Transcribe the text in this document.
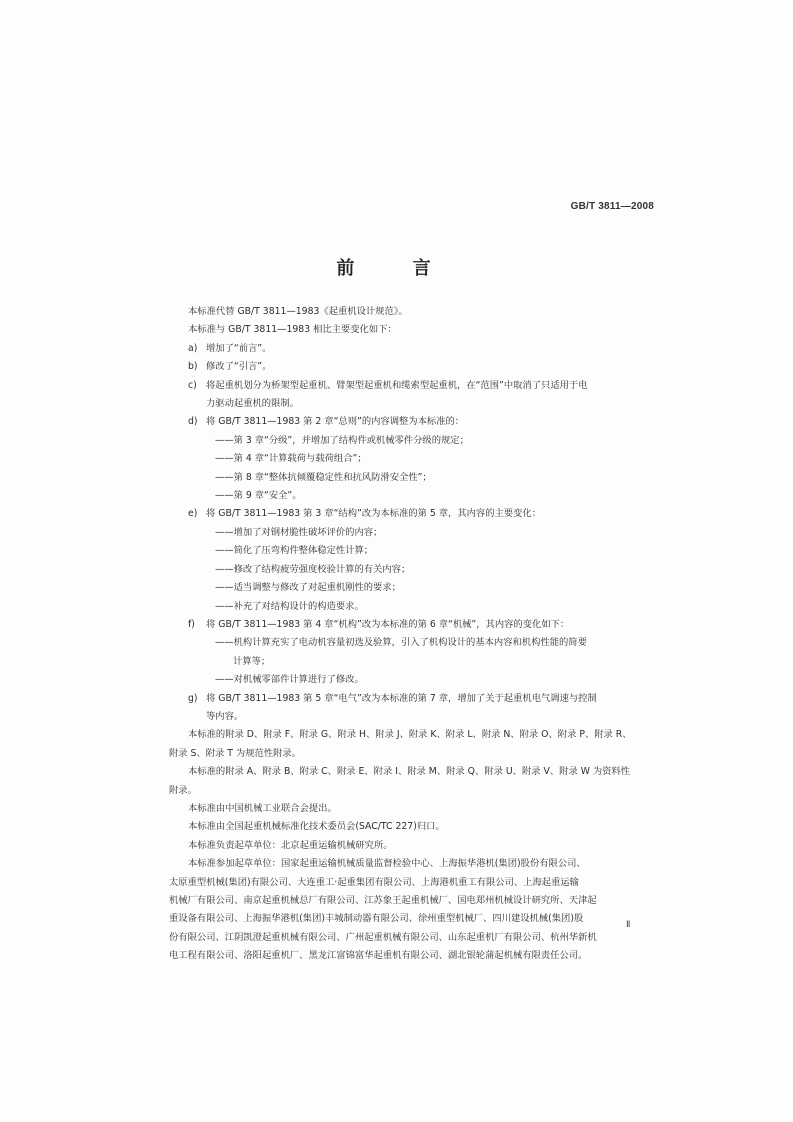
GB/T 3811—2008
前 言
本标准代替 GB/T 3811—1983《起重机设计规范》。
本标准与 GB/T 3811—1983 相比主要变化如下：
a) 增加了“前言”。
b) 修改了“引言”。
c) 将起重机划分为桥架型起重机、臂架型起重机和缆索型起重机，在“范围”中取消了只适用于电
力驱动起重机的限制。
d) 将 GB/T 3811—1983 第 2 章“总则”的内容调整为本标准的：
——第 3 章“分级”，并增加了结构件或机械零件分级的规定；
——第 4 章“计算载荷与载荷组合”；
——第 8 章“整体抗倾覆稳定性和抗风防滑安全性”；
——第 9 章“安全”。
e) 将 GB/T 3811—1983 第 3 章“结构”改为本标准的第 5 章，其内容的主要变化：
——增加了对钢材脆性破坏评价的内容；
——简化了压弯构件整体稳定性计算；
——修改了结构疲劳强度校验计算的有关内容；
——适当调整与修改了对起重机刚性的要求；
——补充了对结构设计的构造要求。
f) 将 GB/T 3811—1983 第 4 章“机构”改为本标准的第 6 章“机械”，其内容的变化如下：
——机构计算充实了电动机容量初选及验算，引入了机构设计的基本内容和机构性能的简要
计算等；
——对机械零部件计算进行了修改。
g) 将 GB/T 3811—1983 第 5 章“电气”改为本标准的第 7 章，增加了关于起重机电气调速与控制
等内容。
本标准的附录 D、附录 F、附录 G、附录 H、附录 J、附录 K、附录 L、附录 N、附录 O、附录 P、附录 R、
附录 S、附录 T 为规范性附录。
本标准的附录 A、附录 B、附录 C、附录 E、附录 I、附录 M、附录 Q、附录 U、附录 V、附录 W 为资料性
附录。
本标准由中国机械工业联合会提出。
本标准由全国起重机械标准化技术委员会(SAC/TC 227)归口。
本标准负责起草单位：北京起重运输机械研究所。
本标准参加起草单位：国家起重运输机械质量监督检验中心、上海振华港机(集团)股份有限公司、
太原重型机械(集团)有限公司、大连重工·起重集团有限公司、上海港机重工有限公司、上海起重运输
机械厂有限公司、南京起重机械总厂有限公司、江苏象王起重机械厂、国电郑州机械设计研究所、天津起
重设备有限公司、上海振华港机(集团)丰城制动器有限公司、徐州重型机械厂、四川建设机械(集团)股
份有限公司、江阴凯澄起重机械有限公司、广州起重机械有限公司、山东起重机厂有限公司、杭州华新机
电工程有限公司、洛阳起重机厂、黑龙江富锦富华起重机有限公司、湖北银轮蒲起机械有限责任公司。
Ⅱ
